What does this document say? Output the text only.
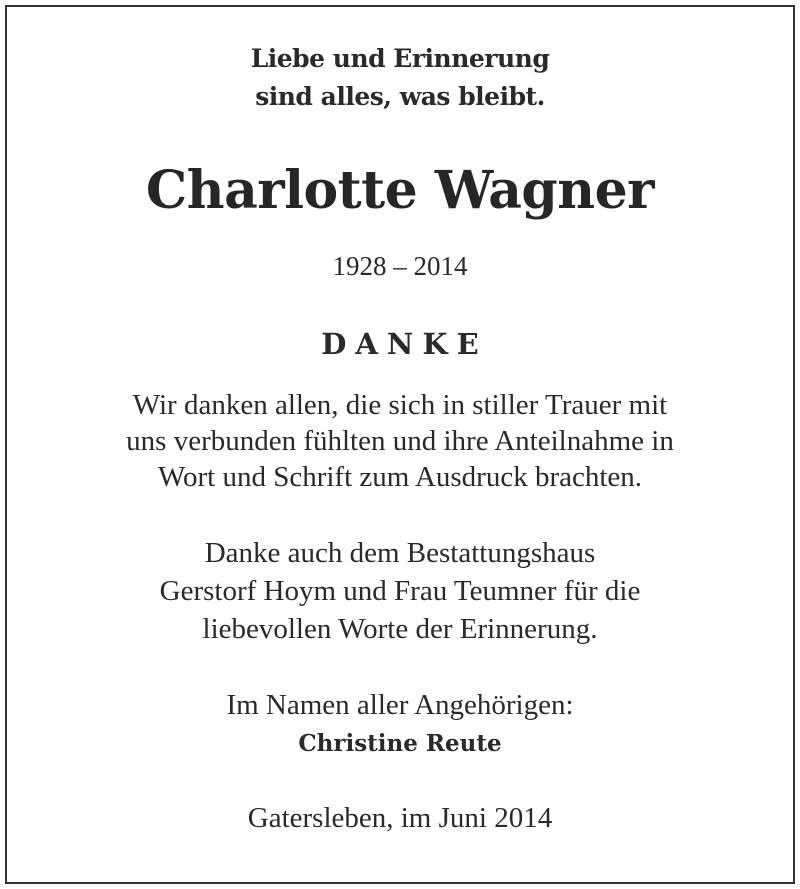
Liebe und Erinnerung
sind alles, was bleibt.
Charlotte Wagner
1928 – 2014
DANKE
Wir danken allen, die sich in stiller Trauer mit
uns verbunden fühlten und ihre Anteilnahme in
Wort und Schrift zum Ausdruck brachten.
Danke auch dem Bestattungshaus
Gerstorf Hoym und Frau Teumner für die
liebevollen Worte der Erinnerung.
Im Namen aller Angehörigen:
Christine Reute
Gatersleben, im Juni 2014
